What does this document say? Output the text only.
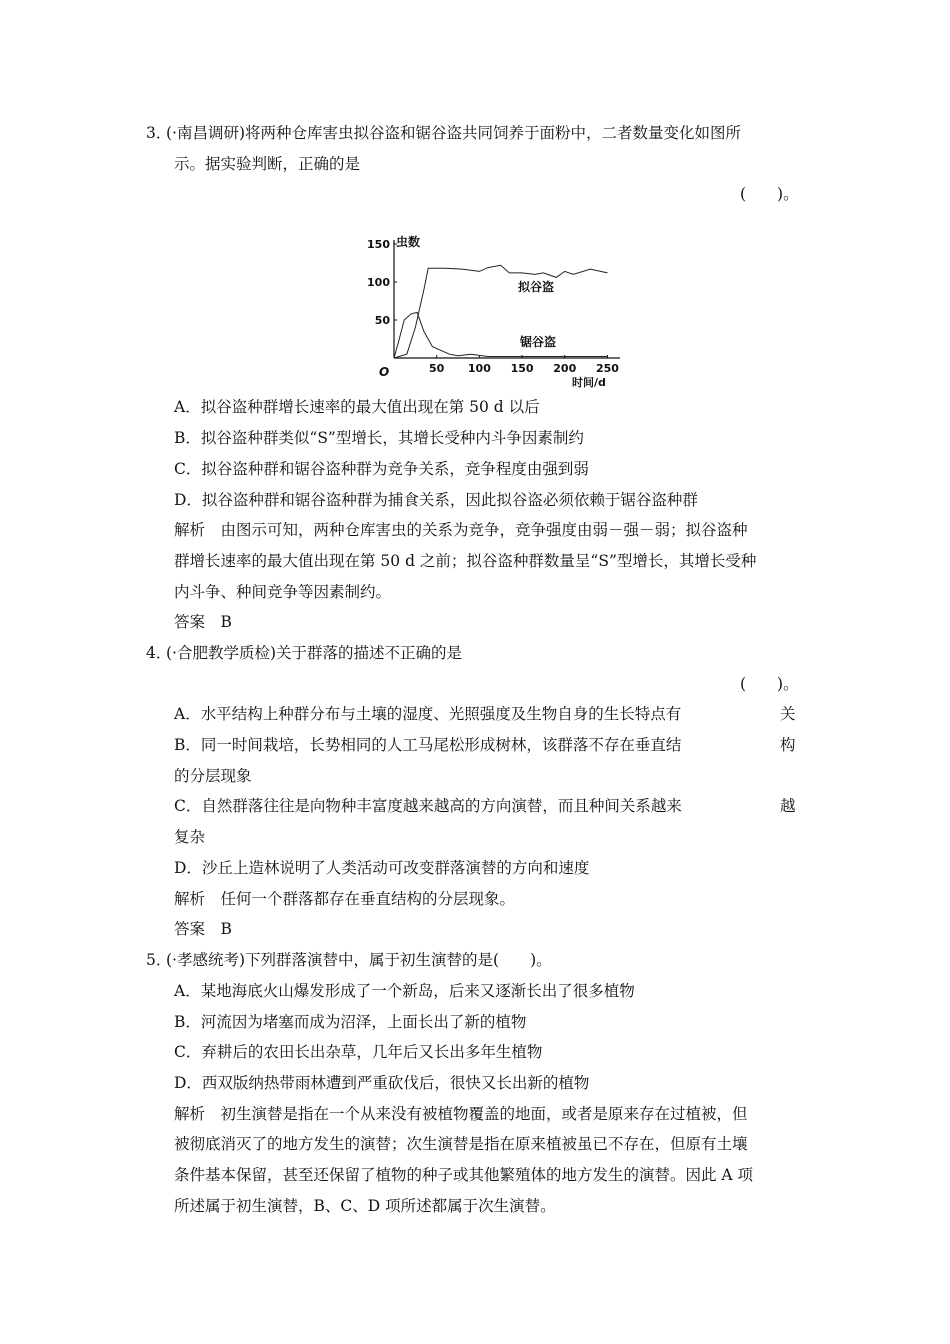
3．
(·南昌调研)将两种仓库害虫拟谷盗和锯谷盗共同饲养于面粉中，二者数量变化如图所
示。据实验判断，正确的是
(　　)。
50 100 150 200 250
50
100
150 虫数
时间/d
O
拟谷盗
锯谷盗
A．拟谷盗种群增长速率的最大值出现在第 50 d 以后
B．拟谷盗种群类似“S”型增长，其增长受种内斗争因素制约
C．拟谷盗种群和锯谷盗种群为竞争关系，竞争程度由强到弱
D．拟谷盗种群和锯谷盗种群为捕食关系，因此拟谷盗必须依赖于锯谷盗种群
解析　由图示可知，两种仓库害虫的关系为竞争，竞争强度由弱－强－弱；拟谷盗种
群增长速率的最大值出现在第 50 d 之前；拟谷盗种群数量呈“S”型增长，其增长受种
内斗争、种间竞争等因素制约。
答案　B
4．
(·合肥教学质检)关于群落的描述不正确的是
(　　)。
A．水平结构上种群分布与土壤的湿度、光照强度及生物自身的生长特点有	关
B．同一时间栽培，长势相同的人工马尾松形成树林，该群落不存在垂直结	构
的分层现象
C．自然群落往往是向物种丰富度越来越高的方向演替，而且种间关系越来	越
复杂
D．沙丘上造林说明了人类活动可改变群落演替的方向和速度
解析　任何一个群落都存在垂直结构的分层现象。
答案　B
5．
(·孝感统考)下列群落演替中，属于初生演替的是(　　)。
A．某地海底火山爆发形成了一个新岛，后来又逐渐长出了很多植物
B．河流因为堵塞而成为沼泽，上面长出了新的植物
C．弃耕后的农田长出杂草，几年后又长出多年生植物
D．西双版纳热带雨林遭到严重砍伐后，很快又长出新的植物
解析　初生演替是指在一个从来没有被植物覆盖的地面，或者是原来存在过植被，但
被彻底消灭了的地方发生的演替；次生演替是指在原来植被虽已不存在，但原有土壤
条件基本保留，甚至还保留了植物的种子或其他繁殖体的地方发生的演替。因此 A 项
所述属于初生演替，B、C、D 项所述都属于次生演替。
